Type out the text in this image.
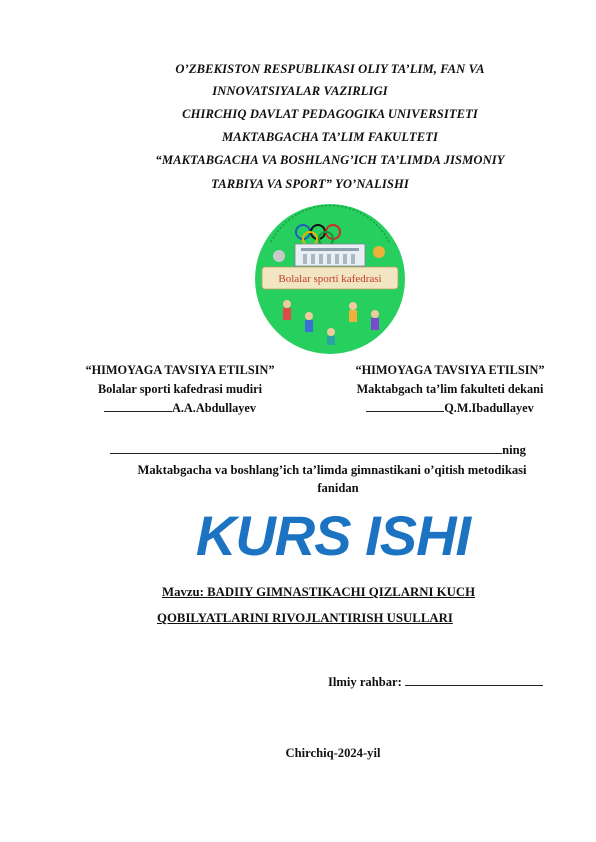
O’ZBEKISTON RESPUBLIKASI OLIY TA’LIM, FAN VA
INNOVATSIYALAR VAZIRLIGI
CHIRCHIQ DAVLAT PEDAGOGIKA UNIVERSITETI
MAKTABGACHA TA’LIM FAKULTETI
“MAKTABGACHA VA BOSHLANG’ICH TA’LIMDA JISMONIY
TARBIYA VA SPORT” YO’NALISHI
Bolalar sporti kafedrasi
“HIMOYAGA TAVSIYA ETILSIN”
Bolalar sporti kafedrasi mudiri
A.A.Abdullayev
“HIMOYAGA TAVSIYA ETILSIN”
Maktabgach ta’lim fakulteti dekani
Q.M.Ibadullayev
ning
Maktabgacha va boshlang’ich ta’limda gimnastikani o’qitish metodikasi
fanidan
KURS ISHI
Mavzu: BADIIY GIMNASTIKACHI QIZLARNI KUCH
QOBILYATLARINI RIVOJLANTIRISH USULLARI
Ilmiy rahbar:
Chirchiq-2024-yil
